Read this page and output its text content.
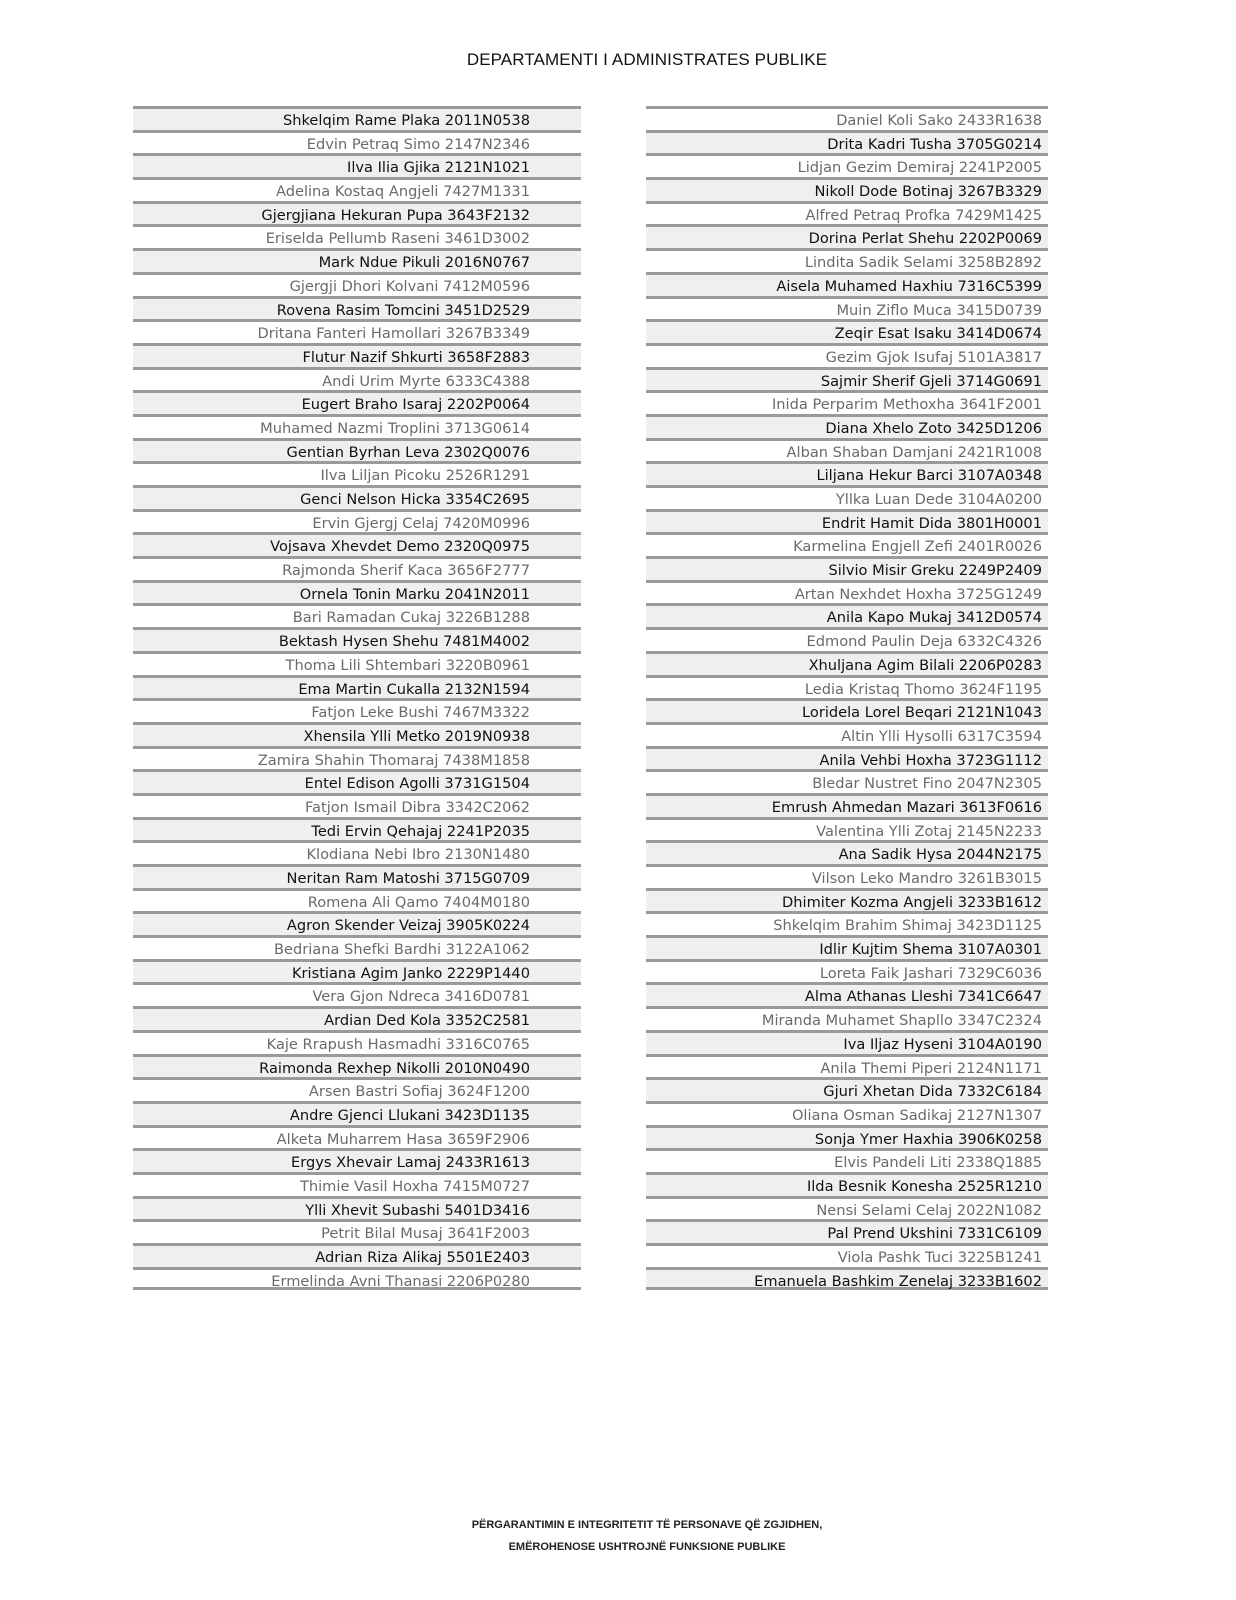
DEPARTAMENTI I ADMINISTRATES PUBLIKE
Shkelqim Rame Plaka 2011N0538
Edvin Petraq Simo 2147N2346
Ilva Ilia Gjika 2121N1021
Adelina Kostaq Angjeli 7427M1331
Gjergjiana Hekuran Pupa 3643F2132
Eriselda Pellumb Raseni 3461D3002
Mark Ndue Pikuli 2016N0767
Gjergji Dhori Kolvani 7412M0596
Rovena Rasim Tomcini 3451D2529
Dritana Fanteri Hamollari 3267B3349
Flutur Nazif Shkurti 3658F2883
Andi Urim Myrte 6333C4388
Eugert Braho Isaraj 2202P0064
Muhamed Nazmi Troplini 3713G0614
Gentian Byrhan Leva 2302Q0076
Ilva Liljan Picoku 2526R1291
Genci Nelson Hicka 3354C2695
Ervin Gjergj Celaj 7420M0996
Vojsava Xhevdet Demo 2320Q0975
Rajmonda Sherif Kaca 3656F2777
Ornela Tonin Marku 2041N2011
Bari Ramadan Cukaj 3226B1288
Bektash Hysen Shehu 7481M4002
Thoma Lili Shtembari 3220B0961
Ema Martin Cukalla 2132N1594
Fatjon Leke Bushi 7467M3322
Xhensila Ylli Metko 2019N0938
Zamira Shahin Thomaraj 7438M1858
Entel Edison Agolli 3731G1504
Fatjon Ismail Dibra 3342C2062
Tedi Ervin Qehajaj 2241P2035
Klodiana Nebi Ibro 2130N1480
Neritan Ram Matoshi 3715G0709
Romena Ali Qamo 7404M0180
Agron Skender Veizaj 3905K0224
Bedriana Shefki Bardhi 3122A1062
Kristiana Agim Janko 2229P1440
Vera Gjon Ndreca 3416D0781
Ardian Ded Kola 3352C2581
Kaje Rrapush Hasmadhi 3316C0765
Raimonda Rexhep Nikolli 2010N0490
Arsen Bastri Sofiaj 3624F1200
Andre Gjenci Llukani 3423D1135
Alketa Muharrem Hasa 3659F2906
Ergys Xhevair Lamaj 2433R1613
Thimie Vasil Hoxha 7415M0727
Ylli Xhevit Subashi 5401D3416
Petrit Bilal Musaj 3641F2003
Adrian Riza Alikaj 5501E2403
Ermelinda Avni Thanasi 2206P0280
Daniel Koli Sako 2433R1638
Drita Kadri Tusha 3705G0214
Lidjan Gezim Demiraj 2241P2005
Nikoll Dode Botinaj 3267B3329
Alfred Petraq Profka 7429M1425
Dorina Perlat Shehu 2202P0069
Lindita Sadik Selami 3258B2892
Aisela Muhamed Haxhiu 7316C5399
Muin Ziflo Muca 3415D0739
Zeqir Esat Isaku 3414D0674
Gezim Gjok Isufaj 5101A3817
Sajmir Sherif Gjeli 3714G0691
Inida Perparim Methoxha 3641F2001
Diana Xhelo Zoto 3425D1206
Alban Shaban Damjani 2421R1008
Liljana Hekur Barci 3107A0348
Yllka Luan Dede 3104A0200
Endrit Hamit Dida 3801H0001
Karmelina Engjell Zefi 2401R0026
Silvio Misir Greku 2249P2409
Artan Nexhdet Hoxha 3725G1249
Anila Kapo Mukaj 3412D0574
Edmond Paulin Deja 6332C4326
Xhuljana Agim Bilali 2206P0283
Ledia Kristaq Thomo 3624F1195
Loridela Lorel Beqari 2121N1043
Altin Ylli Hysolli 6317C3594
Anila Vehbi Hoxha 3723G1112
Bledar Nustret Fino 2047N2305
Emrush Ahmedan Mazari 3613F0616
Valentina Ylli Zotaj 2145N2233
Ana Sadik Hysa 2044N2175
Vilson Leko Mandro 3261B3015
Dhimiter Kozma Angjeli 3233B1612
Shkelqim Brahim Shimaj 3423D1125
Idlir Kujtim Shema 3107A0301
Loreta Faik Jashari 7329C6036
Alma Athanas Lleshi 7341C6647
Miranda Muhamet Shapllo 3347C2324
Iva Iljaz Hyseni 3104A0190
Anila Themi Piperi 2124N1171
Gjuri Xhetan Dida 7332C6184
Oliana Osman Sadikaj 2127N1307
Sonja Ymer Haxhia 3906K0258
Elvis Pandeli Liti 2338Q1885
Ilda Besnik Konesha 2525R1210
Nensi Selami Celaj 2022N1082
Pal Prend Ukshini 7331C6109
Viola Pashk Tuci 3225B1241
Emanuela Bashkim Zenelaj 3233B1602
PËRGARANTIMIN E INTEGRITETIT TË PERSONAVE QË ZGJIDHEN,
EMËROHENOSE USHTROJNË FUNKSIONE PUBLIKE
